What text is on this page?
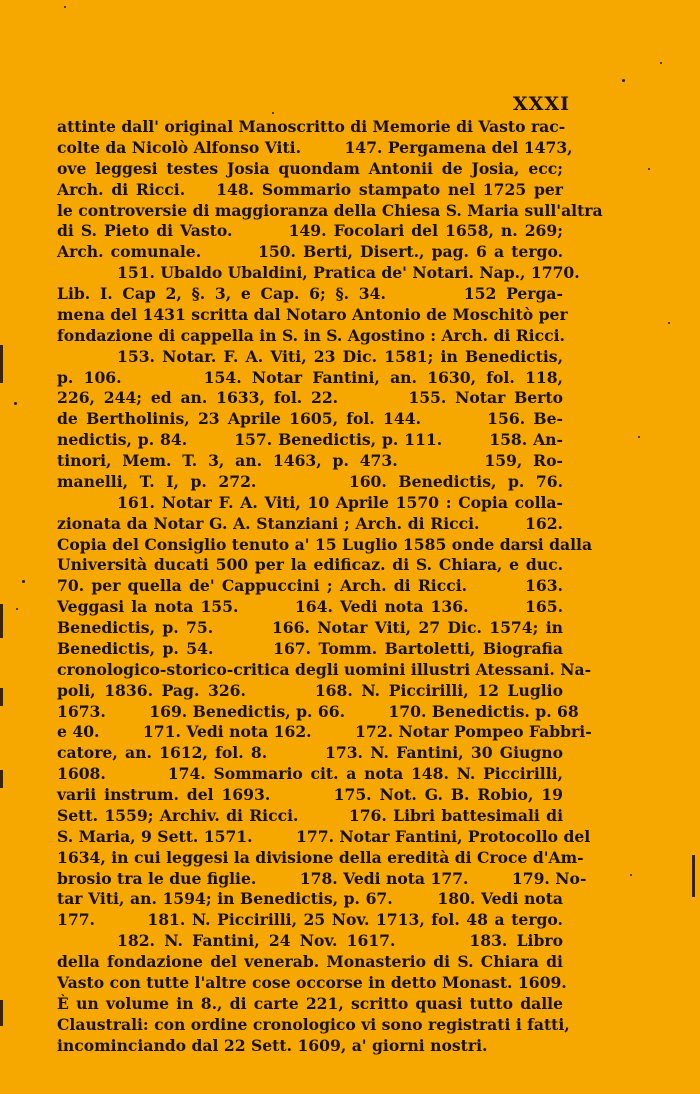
XXXI
attinte dall' original Manoscritto di Memorie di Vasto rac-
colte da Nicolò Alfonso Viti.        147. Pergamena del 1473,
ove leggesi testes Josia quondam Antonii de Josia, ecc;
Arch. di Ricci.    148. Sommario stampato nel 1725 per
le controversie di maggioranza della Chiesa S. Maria sull'altra
di S. Pieto di Vasto.        149. Focolari del 1658, n. 269;
Arch. comunale.        150. Berti, Disert., pag. 6 a tergo.
151. Ubaldo Ubaldini, Pratica de' Notari. Nap., 1770.
Lib. I. Cap 2, §. 3, e Cap. 6; §. 34.        152 Perga-
mena del 1431 scritta dal Notaro Antonio de Moschitò per
fondazione di cappella in S. in S. Agostino : Arch. di Ricci.
153. Notar. F. A. Viti, 23 Dic. 1581; in Benedictis,
p. 106.        154. Notar Fantini, an. 1630, fol. 118,
226, 244; ed an. 1633, fol. 22.        155. Notar Berto
de Bertholinis, 23 Aprile 1605, fol. 144.        156. Be-
nedictis, p. 84.        157. Benedictis, p. 111.        158. An-
tinori, Mem. T. 3, an. 1463, p. 473.        159, Ro-
manelli, T. I, p. 272.        160. Benedictis, p. 76.
161. Notar F. A. Viti, 10 Aprile 1570 : Copia colla-
zionata da Notar G. A. Stanziani ; Arch. di Ricci.        162.
Copia del Consiglio tenuto a' 15 Luglio 1585 onde darsi dalla
Università ducati 500 per la edificaz. di S. Chiara, e duc.
70. per quella de' Cappuccini ; Arch. di Ricci.        163.
Veggasi la nota 155.        164. Vedi nota 136.        165.
Benedictis, p. 75.        166. Notar Viti, 27 Dic. 1574; in
Benedictis, p. 54.        167. Tomm. Bartoletti, Biografia
cronologico-storico-critica degli uomini illustri Atessani. Na-
poli, 1836. Pag. 326.        168. N. Piccirilli, 12 Luglio
1673.        169. Benedictis, p. 66.        170. Benedictis. p. 68
e 40.        171. Vedi nota 162.        172. Notar Pompeo Fabbri-
catore, an. 1612, fol. 8.        173. N. Fantini, 30 Giugno
1608.        174. Sommario cit. a nota 148. N. Piccirilli,
varii instrum. del 1693.        175. Not. G. B. Robio, 19
Sett. 1559; Archiv. di Ricci.        176. Libri battesimali di
S. Maria, 9 Sett. 1571.        177. Notar Fantini, Protocollo del
1634, in cui leggesi la divisione della eredità di Croce d'Am-
brosio tra le due figlie.        178. Vedi nota 177.        179. No-
tar Viti, an. 1594; in Benedictis, p. 67.        180. Vedi nota
177.        181. N. Piccirilli, 25 Nov. 1713, fol. 48 a tergo.
182. N. Fantini, 24 Nov. 1617.        183. Libro
della fondazione del venerab. Monasterio di S. Chiara di
Vasto con tutte l'altre cose occorse in detto Monast. 1609.
È un volume in 8., di carte 221, scritto quasi tutto dalle
Claustrali: con ordine cronologico vi sono registrati i fatti,
incominciando dal 22 Sett. 1609, a' giorni nostri.
